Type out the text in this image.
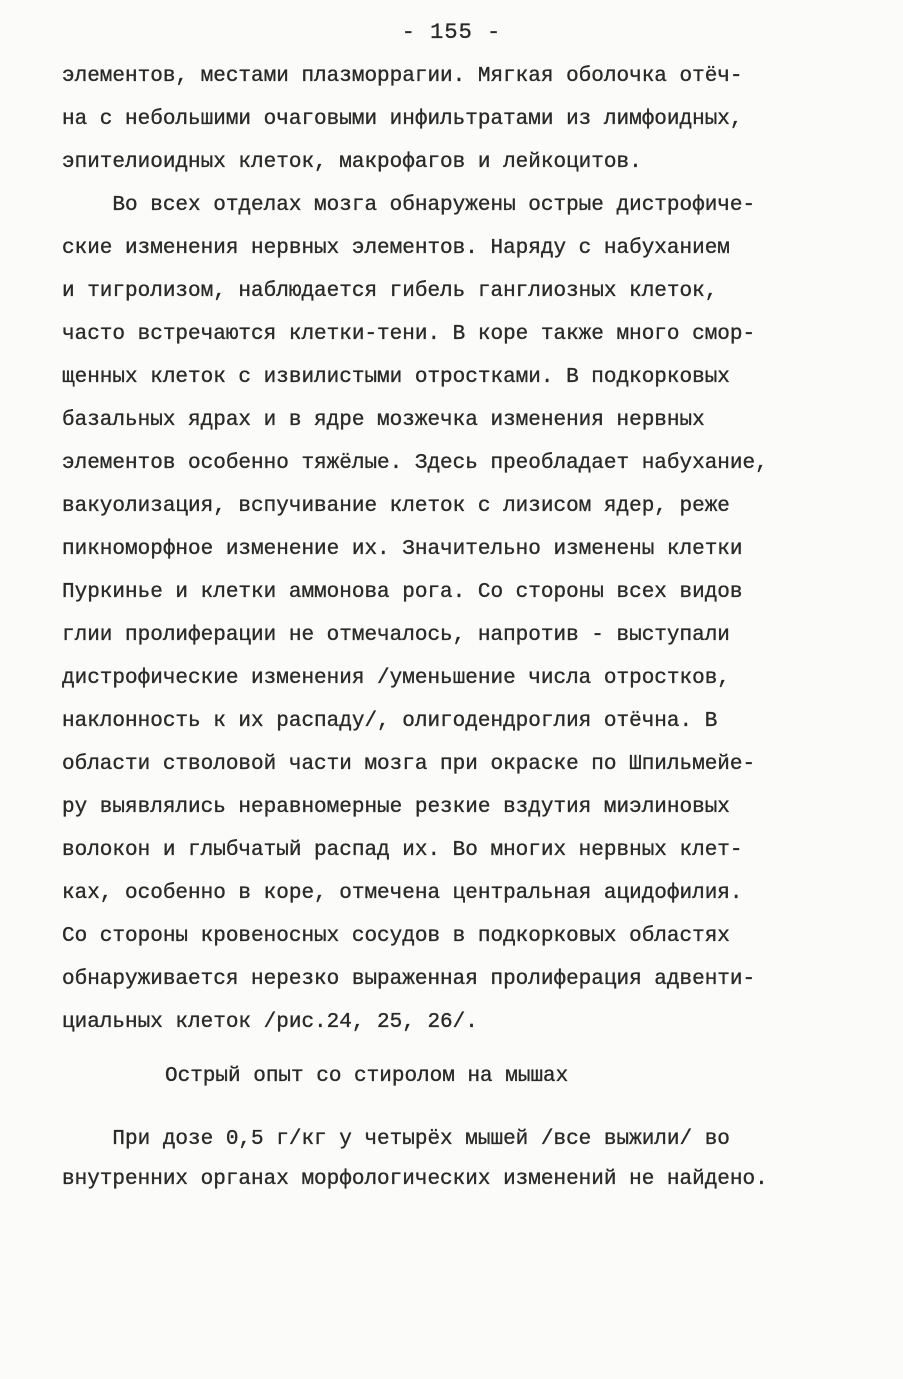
- 155 -
элементов, местами плазморрагии. Мягкая оболочка отёч-
на с небольшими очаговыми инфильтратами из лимфоидных,
эпителиоидных клеток, макрофагов и лейкоцитов.
Во всех отделах мозга обнаружены острые дистрофиче-
ские изменения нервных элементов. Наряду с набуханием
и тигролизом, наблюдается гибель ганглиозных клеток,
часто встречаются клетки-тени. В коре также много смор-
щенных клеток с извилистыми отростками. В подкорковых
базальных ядрах и в ядре мозжечка изменения нервных
элементов особенно тяжёлые. Здесь преобладает набухание,
вакуолизация, вспучивание клеток с лизисом ядер, реже
пикноморфное изменение их. Значительно изменены клетки
Пуркинье и клетки аммонова рога. Со стороны всех видов
глии пролиферации не отмечалось, напротив - выступали
дистрофические изменения /уменьшение числа отростков,
наклонность к их распаду/, олигодендроглия отёчна. В
области стволовой части мозга при окраске по Шпильмейе-
ру выявлялись неравномерные резкие вздутия миэлиновых
волокон и глыбчатый распад их. Во многих нервных клет-
ках, особенно в коре, отмечена центральная ацидофилия.
Со стороны кровеносных сосудов в подкорковых областях
обнаруживается нерезко выраженная пролиферация адвенти-
циальных клеток /рис.24, 25, 26/.
Острый опыт со стиролом на мышах
При дозе 0,5 г/кг у четырёх мышей /все выжили/ во
внутренних органах морфологических изменений не найдено.
